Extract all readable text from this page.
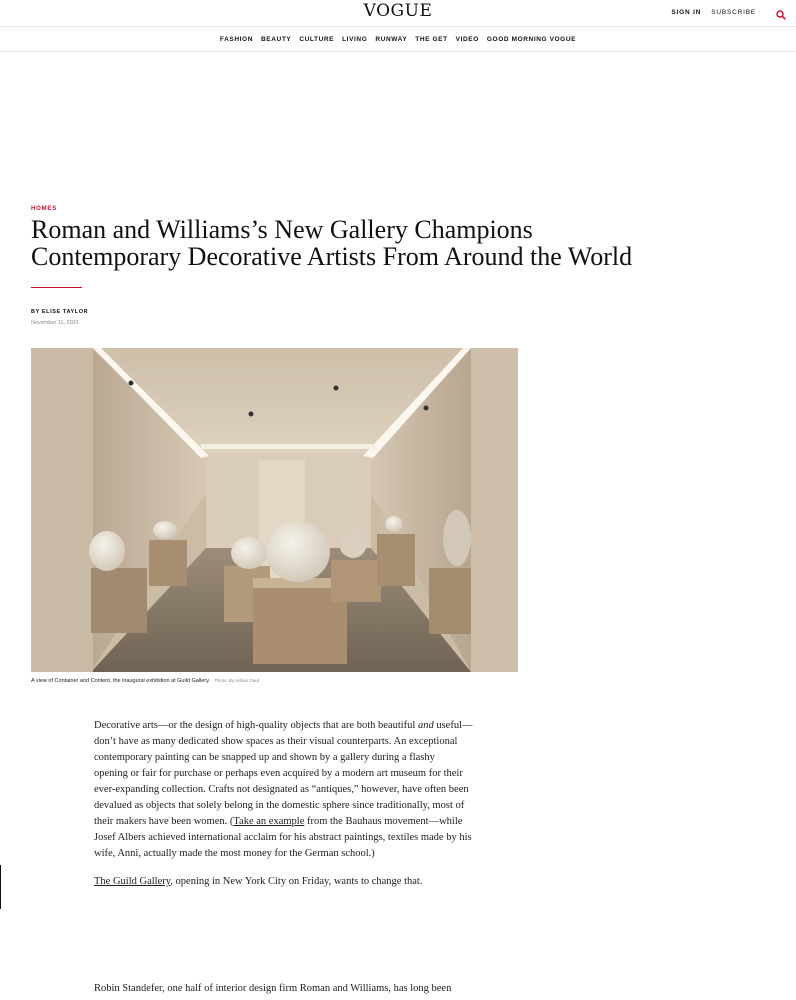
VOGUE	SIGN IN SUBSCRIBE
FASHION BEAUTY CULTURE LIVING RUNWAY THE GET VIDEO GOOD MORNING VOGUE
HOMES
Roman and Williams’s New Gallery Champions
Contemporary Decorative Artists From Around the World
BY ELISE TAYLOR
November 11, 2021
A view of Container and Content, the inaugural exhibition at Guild Gallery. Photo: By Adrian Gaut
Decorative arts—or the design of high-quality objects that are both beautiful and useful—
don’t have as many dedicated show spaces as their visual counterparts. An exceptional
contemporary painting can be snapped up and shown by a gallery during a flashy
opening or fair for purchase or perhaps even acquired by a modern art museum for their
ever-expanding collection. Crafts not designated as “antiques,” however, have often been
devalued as objects that solely belong in the domestic sphere since traditionally, most of
their makers have been women. (Take an example from the Bauhaus movement—while
Josef Albers achieved international acclaim for his abstract paintings, textiles made by his
wife, Anni, actually made the most money for the German school.)
The Guild Gallery, opening in New York City on Friday, wants to change that.
Robin Standefer, one half of interior design firm Roman and Williams, has long been
